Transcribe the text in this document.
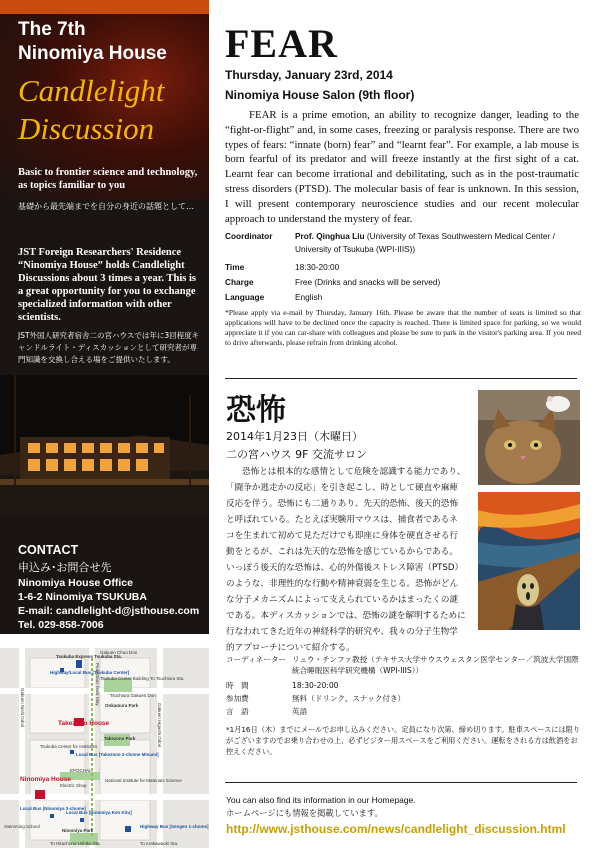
The 7th
Ninomiya House
Candlelight
Discussion
Basic to frontier science and technology, as topics familiar to you
基礎から最先端までを自分の身近の話題として…
JST Foreign Researchers' Residence “Ninomiya House” holds Candlelight Discussions about 3 times a year. This is a great opportunity for you to exchange specialized information with other scientists.
JST外国人研究者宿舎二の宮ハウスでは年に3回程度キャンドルライト・ディスカッションとして研究者が専門知識を交換し合える場をご提供いたします。
CONTACT
申込み･お問合せ先
Ninomiya House Office
1-6-2 Ninomiya TSUKUBA
E-mail: candlelight-d@jsthouse.com
Tel. 029-858-7006
Tsukuba Express Tsukuba Sta.
Gakuen Chuo Dori
Highway/Local Bus [Tsukuba Center]
Tsukuba Center Building To Tsuchiura Sta.
Tsuchiura Gakuen Dori
Pedestrian Walk Way Ookamura Park	Gakuen Higashi Odori
Gakuen Nishi Odori	Takezono House
Takezono Park
Tsukuba Center for Institutes
Local Bus [Takezono 2-chome Minami]
EPOCHAL
Ninomiya House
Electric Shop
National Institute for Materials Science
Local Bus [Ninomiya 3-chome]
Local Bus [Ninomiya Ken Kitu]
Ninomiya Park
Swimming School	Highway Bus [Sengen 1-chome]
To Hitachi-no-Ushiku Sta.	To Arakawaoki Sta.
FEAR
Thursday, January 23rd, 2014
Ninomiya House Salon (9th floor)
FEAR is a prime emotion, an ability to recognize danger, leading to the “fight-or-flight” and, in some cases, freezing or paralysis response. There are two types of fears: “innate (born) fear” and “learnt fear”. For example, a lab mouse is born fearful of its predator and will freeze instantly at the first sight of a cat. Learnt fear can become irrational and debilitating, such as in the post-traumatic stress disorders (PTSD). The molecular basis of fear is unknown. In this session, I will present contemporary neuroscience studies and our recent molecular approach to understand the mystery of fear.
Coordinator	Prof. Qinghua Liu (University of Texas Southwestern Medical Center / University of Tsukuba (WPI-IIIS))
Time	18:30-20:00
Charge	Free (Drinks and snacks will be served)
Language	English
*Please apply via e-mail by Thursday, January 16th. Please be aware that the number of seats is limited so that applications will have to be declined once the capacity is reached. There is limited space for parking, so we would appreciate it if you can car-share with colleagues and please be sure to park in the visitor's parking area. If you need to drive afterwards, please refrain from drinking alcohol.
恐怖
2014年1月23日（木曜日）
二の宮ハウス 9F 交流サロン
恐怖とは根本的な感情として危険を認識する能力であり、「闘争か逃走かの反応」を引き起こし、時として硬直や麻痺反応を伴う。恐怖にも二通りあり、先天的恐怖、後天的恐怖と呼ばれている。たとえば実験用マウスは、捕食者であるネコを生まれて初めて見ただけでも即座に身体を硬直させる行動をとるが、これは先天的な恐怖を感じているからである。いっぽう後天的な恐怖は、心的外傷後ストレス障害（PTSD）のような、非理性的な行動や精神衰弱を生じる。恐怖がどんな分子メカニズムによって支えられているかはまったくの謎である。本ディスカッションでは、恐怖の謎を解明するために行なわれてきた近年の神経科学的研究や、我々の分子生物学的アプローチについて紹介する。
コーディネーター リュウ・チンファ教授（テキサス大学サウスウェスタン医学センター／筑波大学国際統合睡眠医科学研究機構（WPI-IIIS））
時　間	18:30-20:00
参加費	無料（ドリンク、スナック付き）
言　語	英語
*1月16日（木）までにメールでお申し込みください。定員になり次第、締め切ります。駐車スペースには限りがございますのでお乗り合わせの上、必ずビジター用スペースをご利用ください。運転をされる方は飲酒をお控えください。
You can also find its information in our Homepage.
ホームページにも情報を掲載しています。
http://www.jsthouse.com/news/candlelight_discussion.html
